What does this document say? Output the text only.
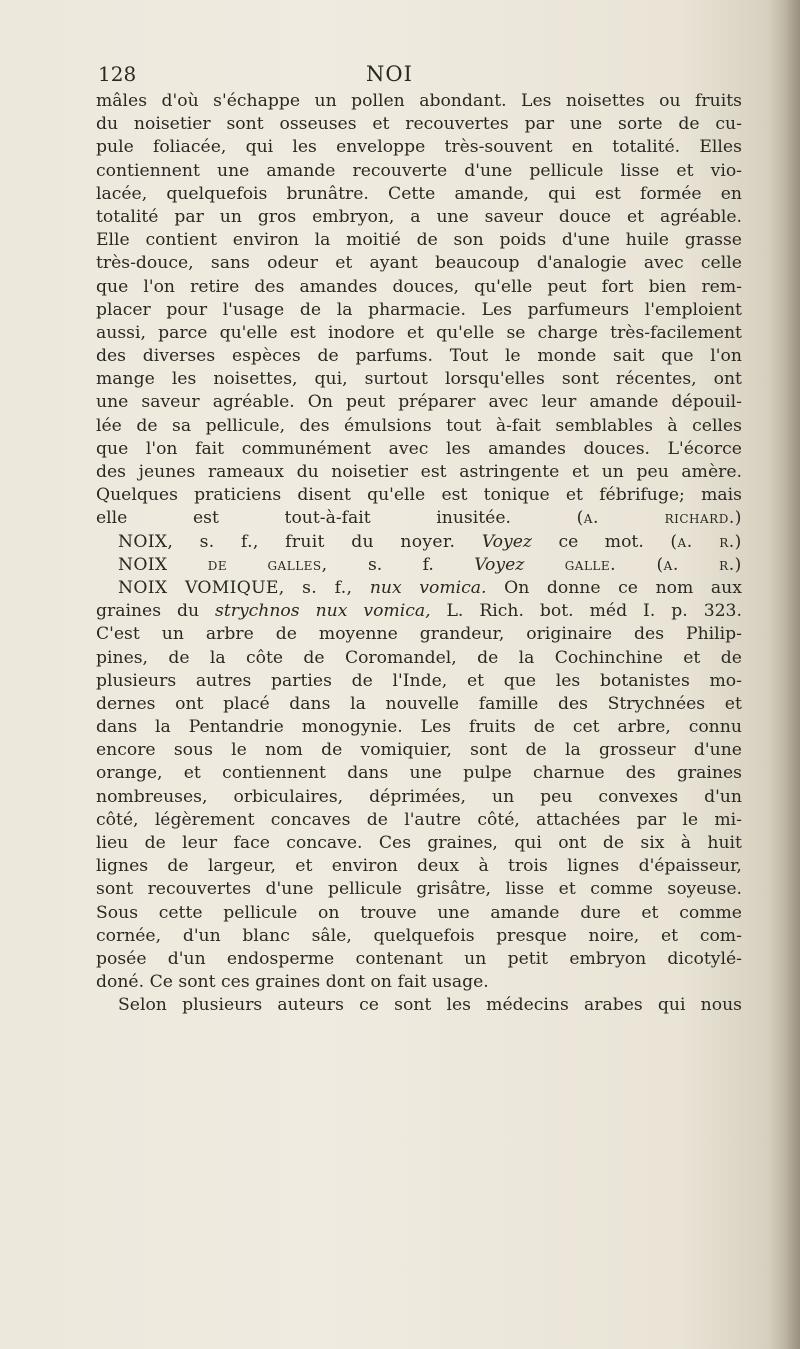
128	NOI
mâles d'où s'échappe un pollen abondant. Les noisettes ou fruits
du noisetier sont osseuses et recouvertes par une sorte de cu-
pule foliacée, qui les enveloppe très-souvent en totalité. Elles
contiennent une amande recouverte d'une pellicule lisse et vio-
lacée, quelquefois brunâtre. Cette amande, qui est formée en
totalité par un gros embryon, a une saveur douce et agréable.
Elle contient environ la moitié de son poids d'une huile grasse
très-douce, sans odeur et ayant beaucoup d'analogie avec celle
que l'on retire des amandes douces, qu'elle peut fort bien rem-
placer pour l'usage de la pharmacie. Les parfumeurs l'emploient
aussi, parce qu'elle est inodore et qu'elle se charge très-facilement
des diverses espèces de parfums. Tout le monde sait que l'on
mange les noisettes, qui, surtout lorsqu'elles sont récentes, ont
une saveur agréable. On peut préparer avec leur amande dépouil-
lée de sa pellicule, des émulsions tout à-fait semblables à celles
que l'on fait communément avec les amandes douces. L'écorce
des jeunes rameaux du noisetier est astringente et un peu amère.
Quelques praticiens disent qu'elle est tonique et fébrifuge; mais
elle	est	tout-à-fait	inusitée.	(a.	richard.)
NOIX, s. f., fruit du noyer. Voyez ce mot. (a. r.)
NOIX de galles, s. f. Voyez galle. (a. r.)
NOIX VOMIQUE, s. f., nux vomica. On donne ce nom aux
graines du strychnos nux vomica, L. Rich. bot. méd I. p. 323.
C'est un arbre de moyenne grandeur, originaire des Philip-
pines, de la côte de Coromandel, de la Cochinchine et de
plusieurs autres parties de l'Inde, et que les botanistes mo-
dernes ont placé dans la nouvelle famille des Strychnées et
dans la Pentandrie monogynie. Les fruits de cet arbre, connu
encore sous le nom de vomiquier, sont de la grosseur d'une
orange, et contiennent dans une pulpe charnue des graines
nombreuses, orbiculaires, déprimées, un peu convexes d'un
côté, légèrement concaves de l'autre côté, attachées par le mi-
lieu de leur face concave. Ces graines, qui ont de six à huit
lignes de largeur, et environ deux à trois lignes d'épaisseur,
sont recouvertes d'une pellicule grisâtre, lisse et comme soyeuse.
Sous cette pellicule on trouve une amande dure et comme
cornée, d'un blanc sâle, quelquefois presque noire, et com-
posée d'un endosperme contenant un petit embryon dicotylé-
doné. Ce sont ces graines dont on fait usage.
Selon plusieurs auteurs ce sont les médecins arabes qui nous
